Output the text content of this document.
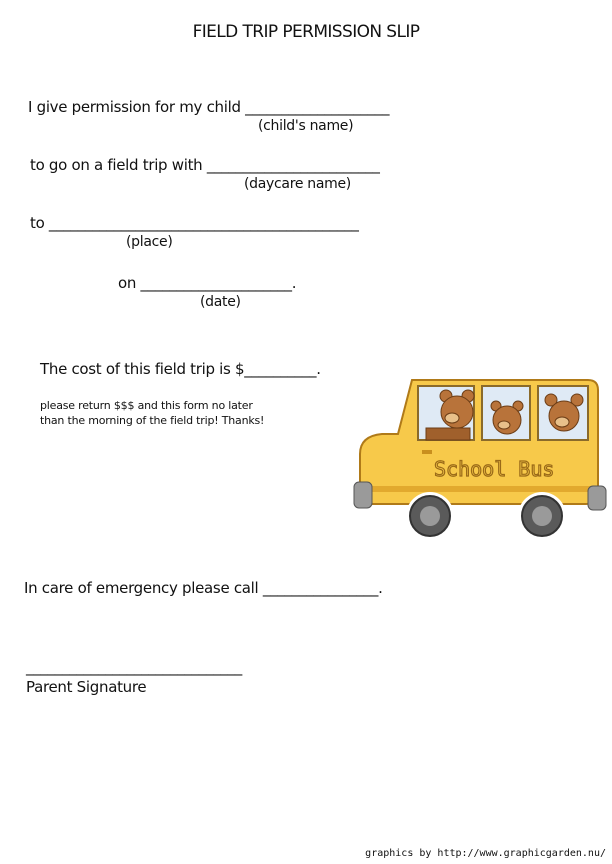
FIELD TRIP PERMISSION SLIP
I give permission for my child ____________________
(child's name)
to go on a field trip with ________________________
(daycare name)
to ___________________________________________
(place)
on _____________________.
(date)
The cost of this field trip is $__________.
please return $$$ and this form no later
than the morning of the field trip! Thanks!
School Bus
In care of emergency please call ________________.
______________________________
Parent Signature
graphics by http://www.graphicgarden.nu/
